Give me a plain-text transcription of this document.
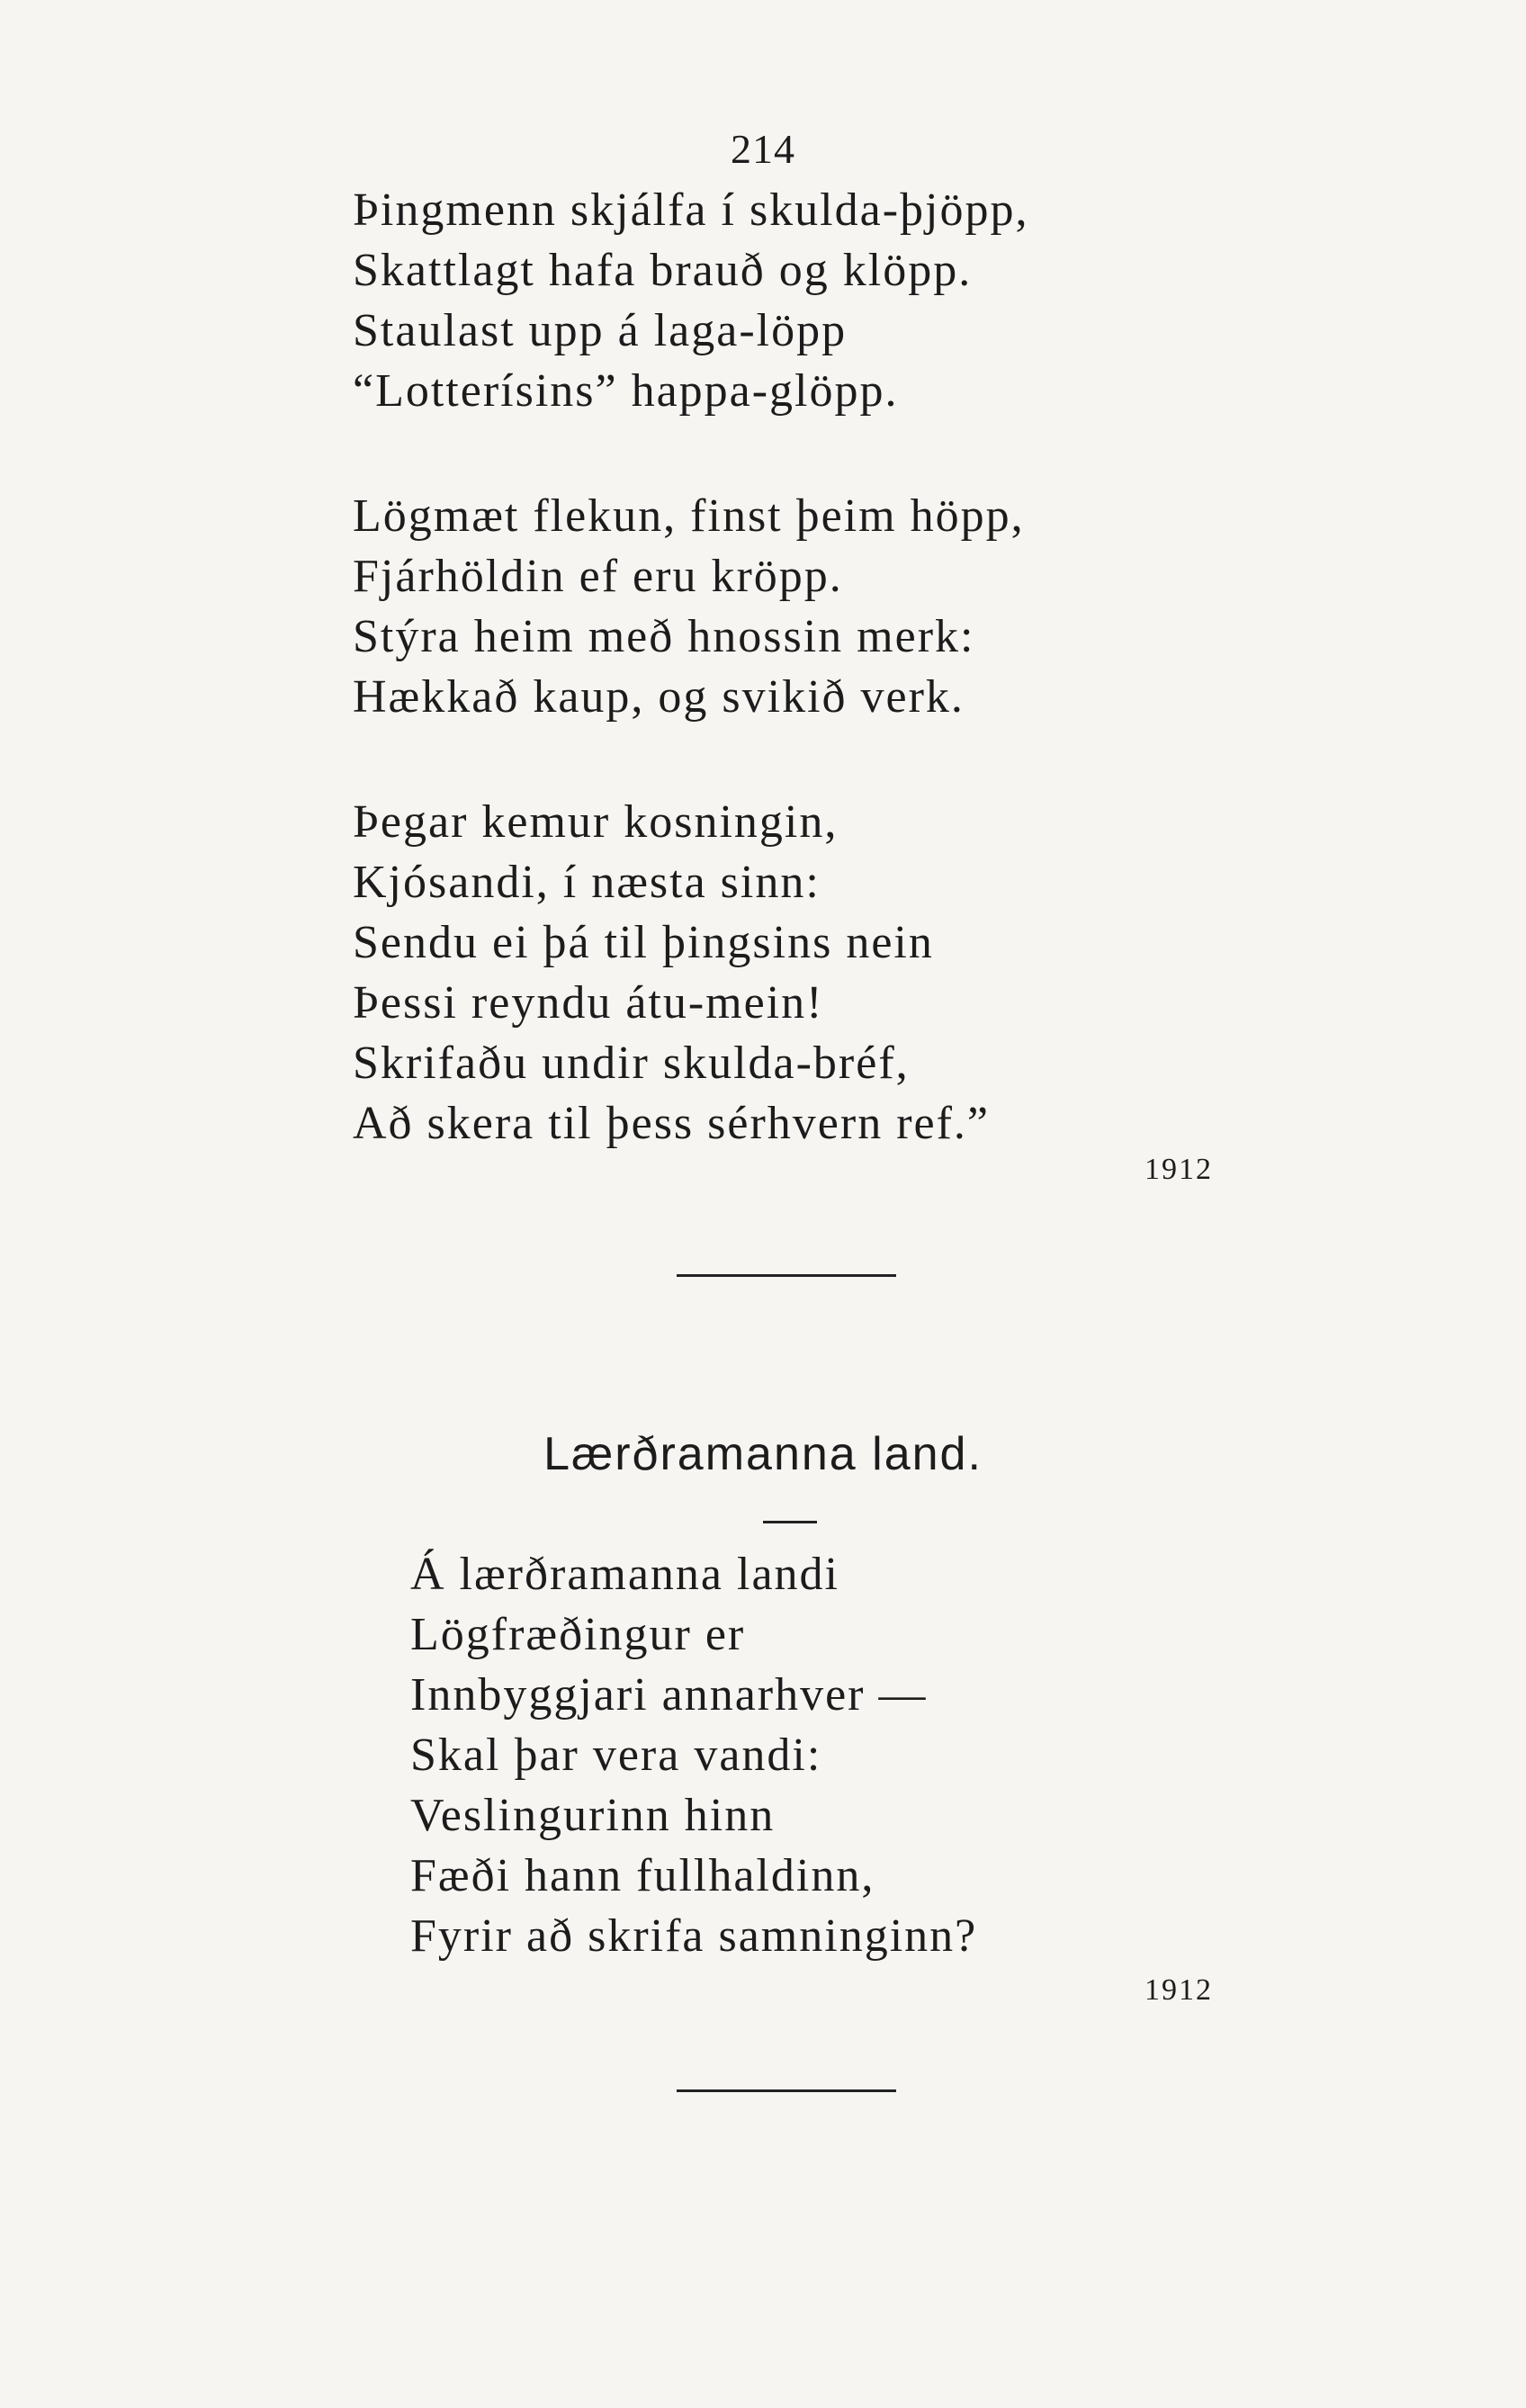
214
Þingmenn skjálfa í skulda-þjöpp,
Skattlagt hafa brauð og klöpp.
Staulast upp á laga-löpp
“Lotterísins” happa-glöpp.
Lögmæt flekun, finst þeim höpp,
Fjárhöldin ef eru kröpp.
Stýra heim með hnossin merk:
Hækkað kaup, og svikið verk.
Þegar kemur kosningin,
Kjósandi, í næsta sinn:
Sendu ei þá til þingsins nein
Þessi reyndu átu-mein!
Skrifaðu undir skulda-bréf,
Að skera til þess sérhvern ref.”
1912
Lærðramanna land.
Á lærðramanna landi
Lögfræðingur er
Innbyggjari annarhver —
Skal þar vera vandi:
Veslingurinn hinn
Fæði hann fullhaldinn,
Fyrir að skrifa samninginn?
1912
